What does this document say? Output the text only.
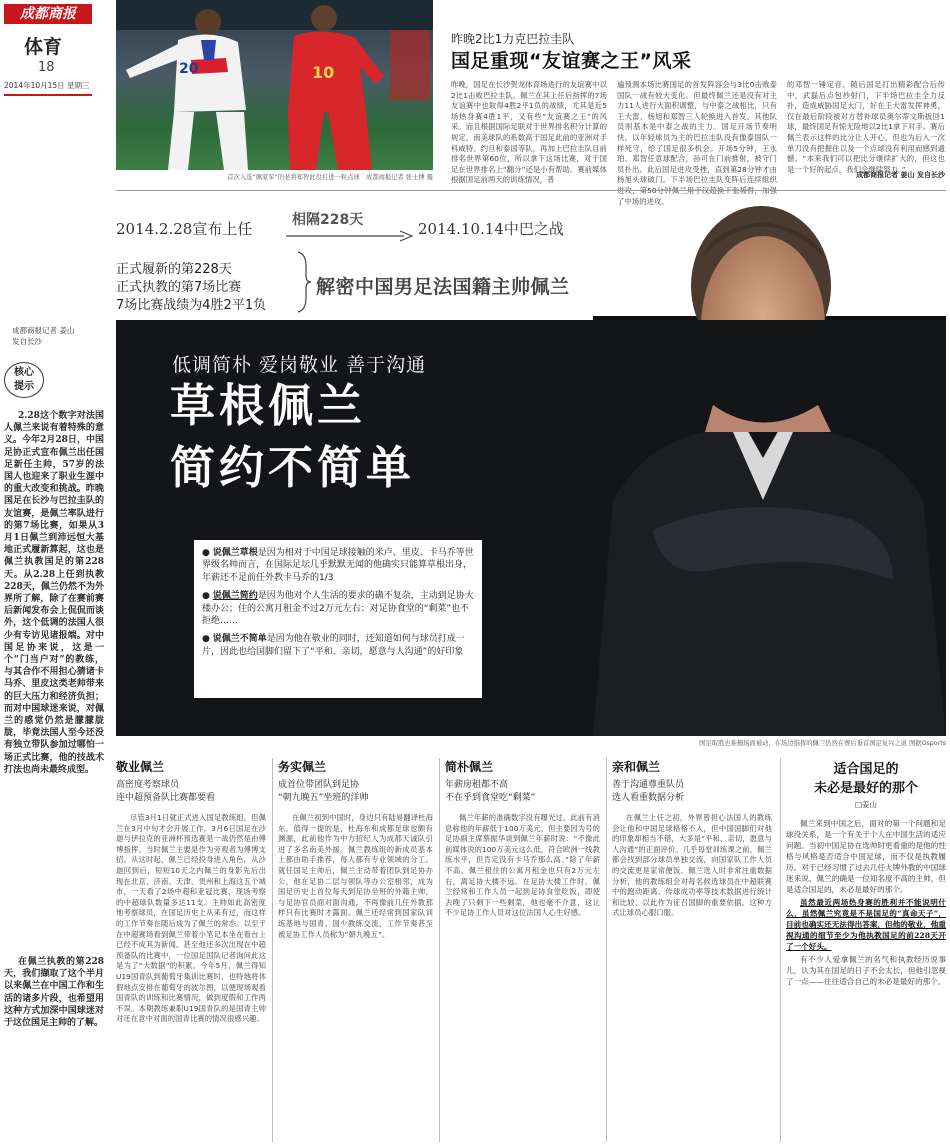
成都商报
体育
18
2014年10月15日 星期三
20	10
首次入选“佩家军”的老将郑智此役打进一粒点球　成都商报记者 张士博 摄
昨晚2比1力克巴拉圭队
国足重现“友谊赛之王”风采
昨晚，国足在长沙贺龙体育场进行的友谊赛中以2比1击败巴拉圭队。佩兰在其上任后指挥的7场友谊赛中也取得4胜2平1负的战绩，尤其是近5场热身赛4胜1平，又有些“友谊赛之王”的风采。而且根据国际足联对于世界排名积分计算的规定，南美球队的系数高于国足此前的亚洲对手科威特、约旦和泰国等队，再加上巴拉圭队目前排名世界第60位，所以拿下这场比赛，对于国足在世界排名上“翻分”还是小有帮助。赛前媒体根据国足前两天的训练情况，普
遍预测本场比赛国足的首发阵容会与3比0击败泰国队一战有较大变化。但最终佩兰还是没有对主力11人进行大面积调整，与中泰之战相比，只有王大雷、杨旭和郑智三人轮换进入首发。其他队员则基本是中泰之战的主力。国足开场节奏明快，以年轻球员为主的巴拉圭队没有像泰国队一样死守，给了国足很多机会。开场5分钟，王永珀、郑智任意球配合，孙可在门前推射，被守门员扑出。此后国足进攻受挫，直到第28分钟才由杨旭头球破门。下半场巴拉圭队变阵后连续组织 了中场的进攻。
的邓智一锤定音。随后国足打出精彩配合后传中，武磊后点包抄射门，下半场巴拉圭全力反扑，造成威胁国足大门，好在王大雷发挥神勇，仅在最后阶段被对方替补球员奥尔蒂文斯扳回1球，最终国足有惊无险地以2比1拿下对手。赛后佩兰表示这样的比分让人开心，但也为后入一次单刀没有把握住以及一个点球没有利用而感到遗憾。“本来我们可以把比分继续扩大的，但这也是一个好的起点，我们会继续努力。”
成都商报记者 姜山 发自长沙
2014.2.28宣布上任	相隔228天	2014.10.14中巴之战
正式履新的第228天
正式执教的第7场比赛
7场比赛战绩为4胜2平1负
解密中国男足法国籍主帅佩兰
成都商报记者 姜山
发自长沙
核心
提示
2.28这个数字对法国人佩兰来说有着特殊的意义。今年2月28日，中国足协正式宣布佩兰出任国足新任主帅，57岁的法国人也迎来了职业生涯中的重大改变和挑战。昨晚国足在长沙与巴拉圭队的友谊赛，是佩兰率队进行的第7场比赛，如果从3月1日佩兰到沛远恒大基地正式履新算起，这也是佩兰执教国足的第228天。从2.28上任到执教228天，佩兰仍然不为外界所了解，除了在赛前赛后新闻发布会上侃侃而谈外，这个低调的法国人很少有专访见诸报端。对中国足协来说，这是一个“门当户对”的教练，与其合作不用担心猜诸卡马乔、里皮这类老帅带来的巨大压力和经济负担；而对中国球迷来说，对佩兰的感觉仍然是朦朦胧胧，毕竟法国人至今还没有独立带队参加过哪怕一场正式比赛，他的技战术打法也尚未最终成型。
在佩兰执教的第228天，我们撷取了这个半月以来佩兰在中国工作和生活的诸多片段，也希望用这种方式加深中国球迷对于这位国足主帅的了解。
低调简朴 爱岗敬业 善于沟通
草根佩兰
简约不简单
● 说佩兰草根是因为相对于中国足球接触的米卢、里皮、卡马乔等世界级名帅而言，在国际足坛几乎默默无闻的他确实只能算草根出身，年薪还不足前任外教卡马乔的1/3
● 说佩兰简约是因为他对个人生活的要求的确不复杂，主动到足协大楼办公；住的公寓月租金不过2万元左右；对足协食堂的“剩菜”也不拒绝……
● 说佩兰不简单是因为他在敬业的同时，还知道如何与球员打成一片，因此也给国脚们留下了“平和、亲切，愿意与人沟通”的好印象
国足取胜也难掩场面被动，在场边指挥的佩兰仍然在赛后垂首国足复兴之道 图据Osports
敬业佩兰
高密度考察球员
连中超预备队比赛都要看
尽管3月1日就正式进入国足教练组，但佩兰在3月中旬才会开展工作，3月6日国足在沙迦与伊拉克的亚洲杯预选赛是一战仍然是由傅博指挥。当时佩兰主要是作为旁观者为傅博支招。从这时起，佩兰已经投身进入角色，从沙迦回到后，短短10天之内佩兰的身影先后出现在北京、济南、天津、贵州和上海这五个城市，一天看了2场中超和亚冠比赛，现场考察的中超球队数量多达11支。主帅如此高密度地考察球员，在国足历史上从来有过，而这样的工作节奏在随后成为了佩兰的常态。以至于在中超赛场看到佩兰带着小笔记本坐在看台上已经不成其为新闻。甚至他还多次出现在中超预备队的比赛中，一位国足国队记者询问此这是为了“大数据”的积累。今年5月，佩兰得知U19国青队到葡萄牙集训比赛时，也特地将休假地点安排在葡萄牙的波尔图，以便现场观看国青队的训练和比赛情况，做到度假和工作两不误。本期教练兼职U19国青队的是国青主帅对还在意中对面的国青比赛的情况很感兴趣。
务实佩兰
成首位带团队到足协
“朝九晚五”坐班的洋帅
在佩兰初到中国时，身边只有陆易翻译杜海东，值得一提的是，杜海东和成都足球也颇有渊源，此前他作为中方招纪人为成都天诚队引进了多名南美外援。佩兰教练组的新成员基本上都由助手推荐，每人都有专业领域的分工。就任国足主帅后，佩兰主动带着团队到足协办公，他在足协二层与领队等办公室相邻，成为国足历史上首位每天到足协坐班的外籍主帅，与足协官员面对面沟通，不再像前几任外教那样只有比赛时才露面。佩兰还经常到国家队训练基地与国青、国少教练交流，工作节奏甚至被足协工作人员称为“朝九晚五”。
简朴佩兰
年薪房租都不高
不在乎到食堂吃“剩菜”
佩兰年薪的准确数字没有曝光过，此前有消息称他的年薪低于100万美元，但主要因为号的足协副主席蔡振华谈到佩兰年薪时说：“不像此前媒体说的100万美元这么低，符合欧洲一线教练水平，但肯定没有卡马乔那么高。”除了年薪不高，佩兰租住的公寓月租金也只有2万元左右，离足协大楼不远。在足协大楼工作时，佩兰经常和工作人员一起到足协食堂吃饭，即使去晚了只剩下一些剩菜，他也毫不介意，这让不少足协工作人员对这位法国人心生好感。
亲和佩兰
善于沟通尊重队员
选人看重数据分析
在佩兰上任之初，外界曾担心法国人的教练会让他和中国足球格格不入，但中国国脚们对他的印象却相当不错，大多是“平和、亲切，愿意与人沟通”的正面评价。几乎每堂训练课之前，佩兰都会找到部分球员单独交流，向国家队工作人员的交流更是家常便饭。佩兰选人时非常注重数据分析，他的教练组会对每名候选球员在中超联赛中的跑动距离、传球成功率等技术数据进行统计和比较，以此作为征召国脚的重要依据，这种方式让球员心服口服。
适合国足的
未必是最好的那个
□姜山
佩兰来到中国之后，面对的第一个问题和足球没关系，是一个有关于个人在中国生活的适应问题。当初中国足协在选帅时更看重的是他的性格与风格是否适合中国足球，而不仅是执教履历。对于已经习惯了过去几任大牌外教的中国球迷来说，佩兰的确是一位知名度不高的主帅，但是适合国足的，未必是最好的那个。
虽然最近两场热身赛的胜利并不能说明什么，虽然佩兰究竟是不是国足的“真命天子”，目前也确实还无法得出答案，但他的敬业，他重视沟通的细节至少为他执教国足的前228天开了一个好头。
有不少人爱拿佩兰的名气和执教经历说事儿，认为其在国足的日子不会太长，但他引忽视了一点——往往适合自己的未必是最好的那个。
